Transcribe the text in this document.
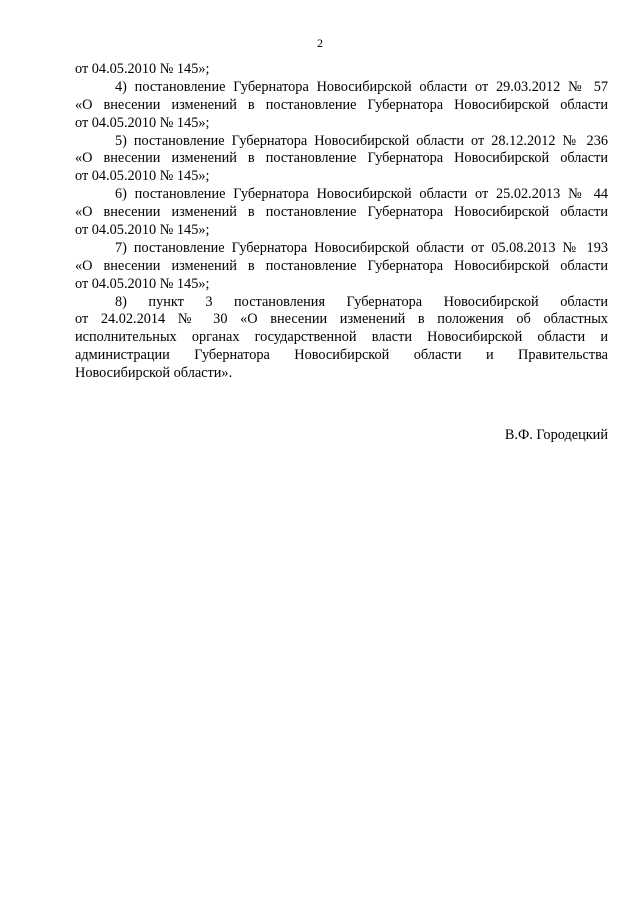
2
от 04.05.2010 № 145»;
4) постановление Губернатора Новосибирской области от 29.03.2012 № 57
«О внесении изменений в постановление Губернатора Новосибирской области
от 04.05.2010 № 145»;
5) постановление Губернатора Новосибирской области от 28.12.2012 № 236
«О внесении изменений в постановление Губернатора Новосибирской области
от 04.05.2010 № 145»;
6) постановление Губернатора Новосибирской области от 25.02.2013 № 44
«О внесении изменений в постановление Губернатора Новосибирской области
от 04.05.2010 № 145»;
7) постановление Губернатора Новосибирской области от 05.08.2013 № 193
«О внесении изменений в постановление Губернатора Новосибирской области
от 04.05.2010 № 145»;
8) пункт 3 постановления Губернатора Новосибирской области
от 24.02.2014 № 30 «О внесении изменений в положения об областных
исполнительных органах государственной власти Новосибирской области и
администрации Губернатора Новосибирской области и Правительства
Новосибирской области».
В.Ф. Городецкий
